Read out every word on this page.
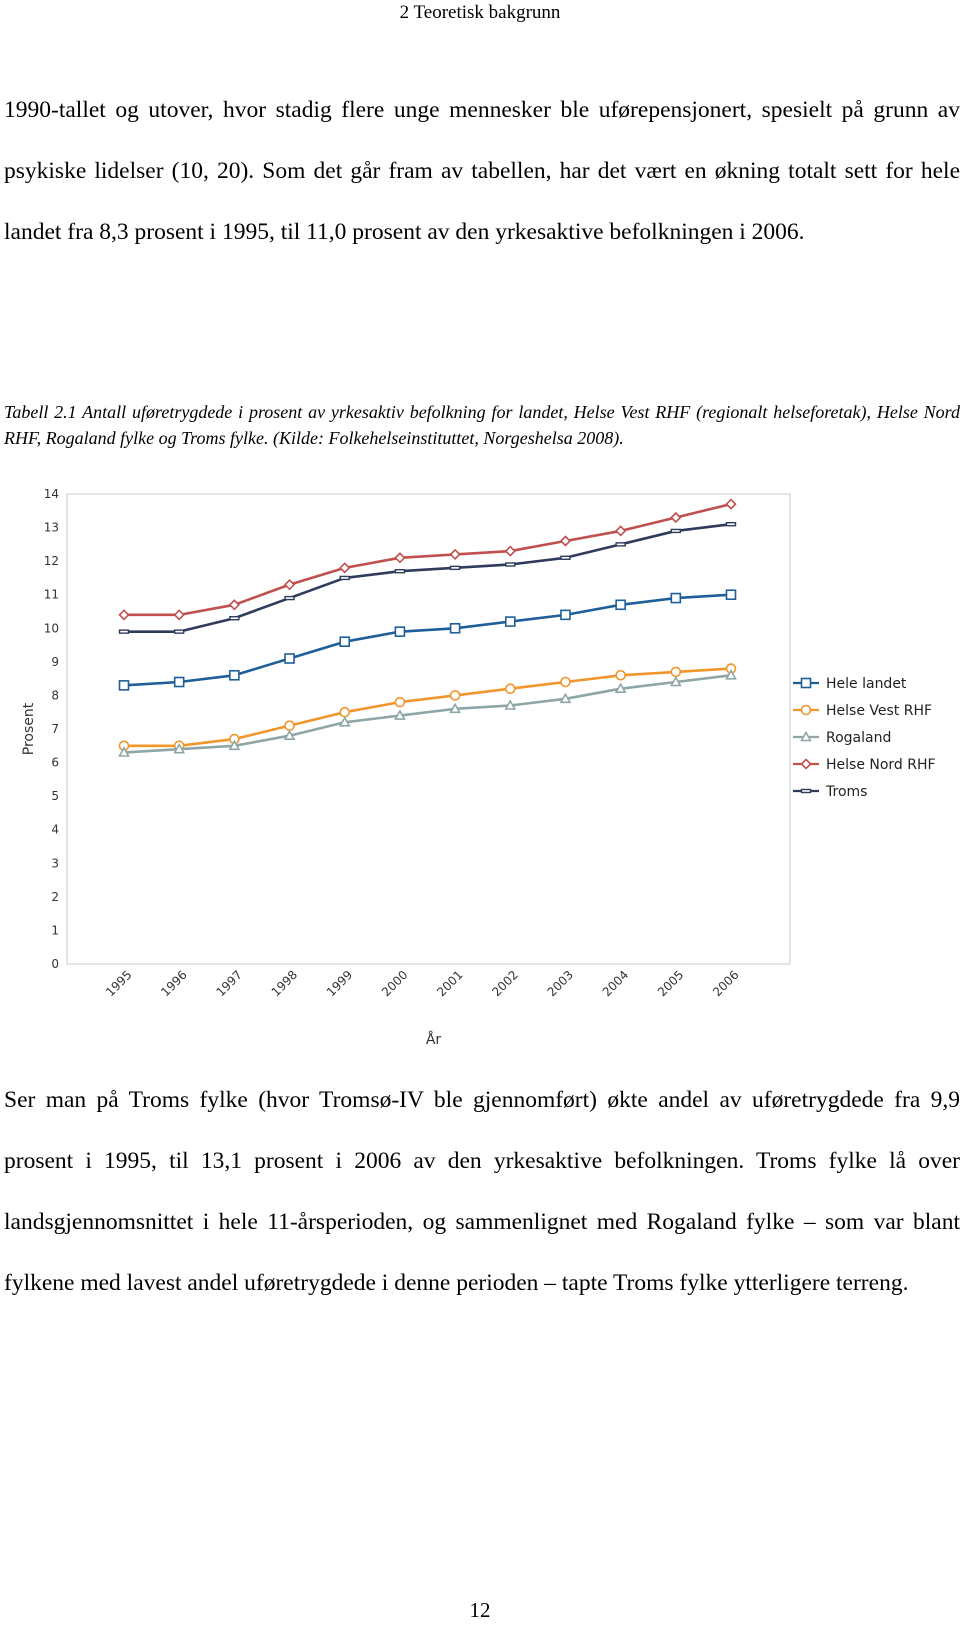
2 Teoretisk bakgrunn

1990-tallet og utover, hvor stadig flere unge mennesker ble uførepensjonert, spesielt på grunn av psykiske lidelser (10, 20). Som det går fram av tabellen, har det vært en økning totalt sett for hele landet fra 8,3 prosent i 1995, til 11,0 prosent av den yrkesaktive befolkningen i 2006.

Tabell 2.1 Antall uføretrygdede i prosent av yrkesaktiv befolkning for landet, Helse Vest RHF (regionalt helseforetak), Helse Nord RHF, Rogaland fylke og Troms fylke. (Kilde: Folkehelseinstituttet, Norgeshelsa 2008).

0
1
2
3
4
5
6
7
8
9
10
11
12
13
14
1995 1996 1997 1998 1999 2000 2001 2002 2003 2004 2005 2006
Prosent
År
Hele landet
Helse Vest RHF
Rogaland
Helse Nord RHF
Troms

Ser man på Troms fylke (hvor Tromsø-IV ble gjennomført) økte andel av uføretrygdede fra 9,9 prosent i 1995, til 13,1 prosent i 2006 av den yrkesaktive befolkningen. Troms fylke lå over landsgjennomsnittet i hele 11-årsperioden, og sammenlignet med Rogaland fylke – som var blant fylkene med lavest andel uføretrygdede i denne perioden – tapte Troms fylke ytterligere terreng.

12
